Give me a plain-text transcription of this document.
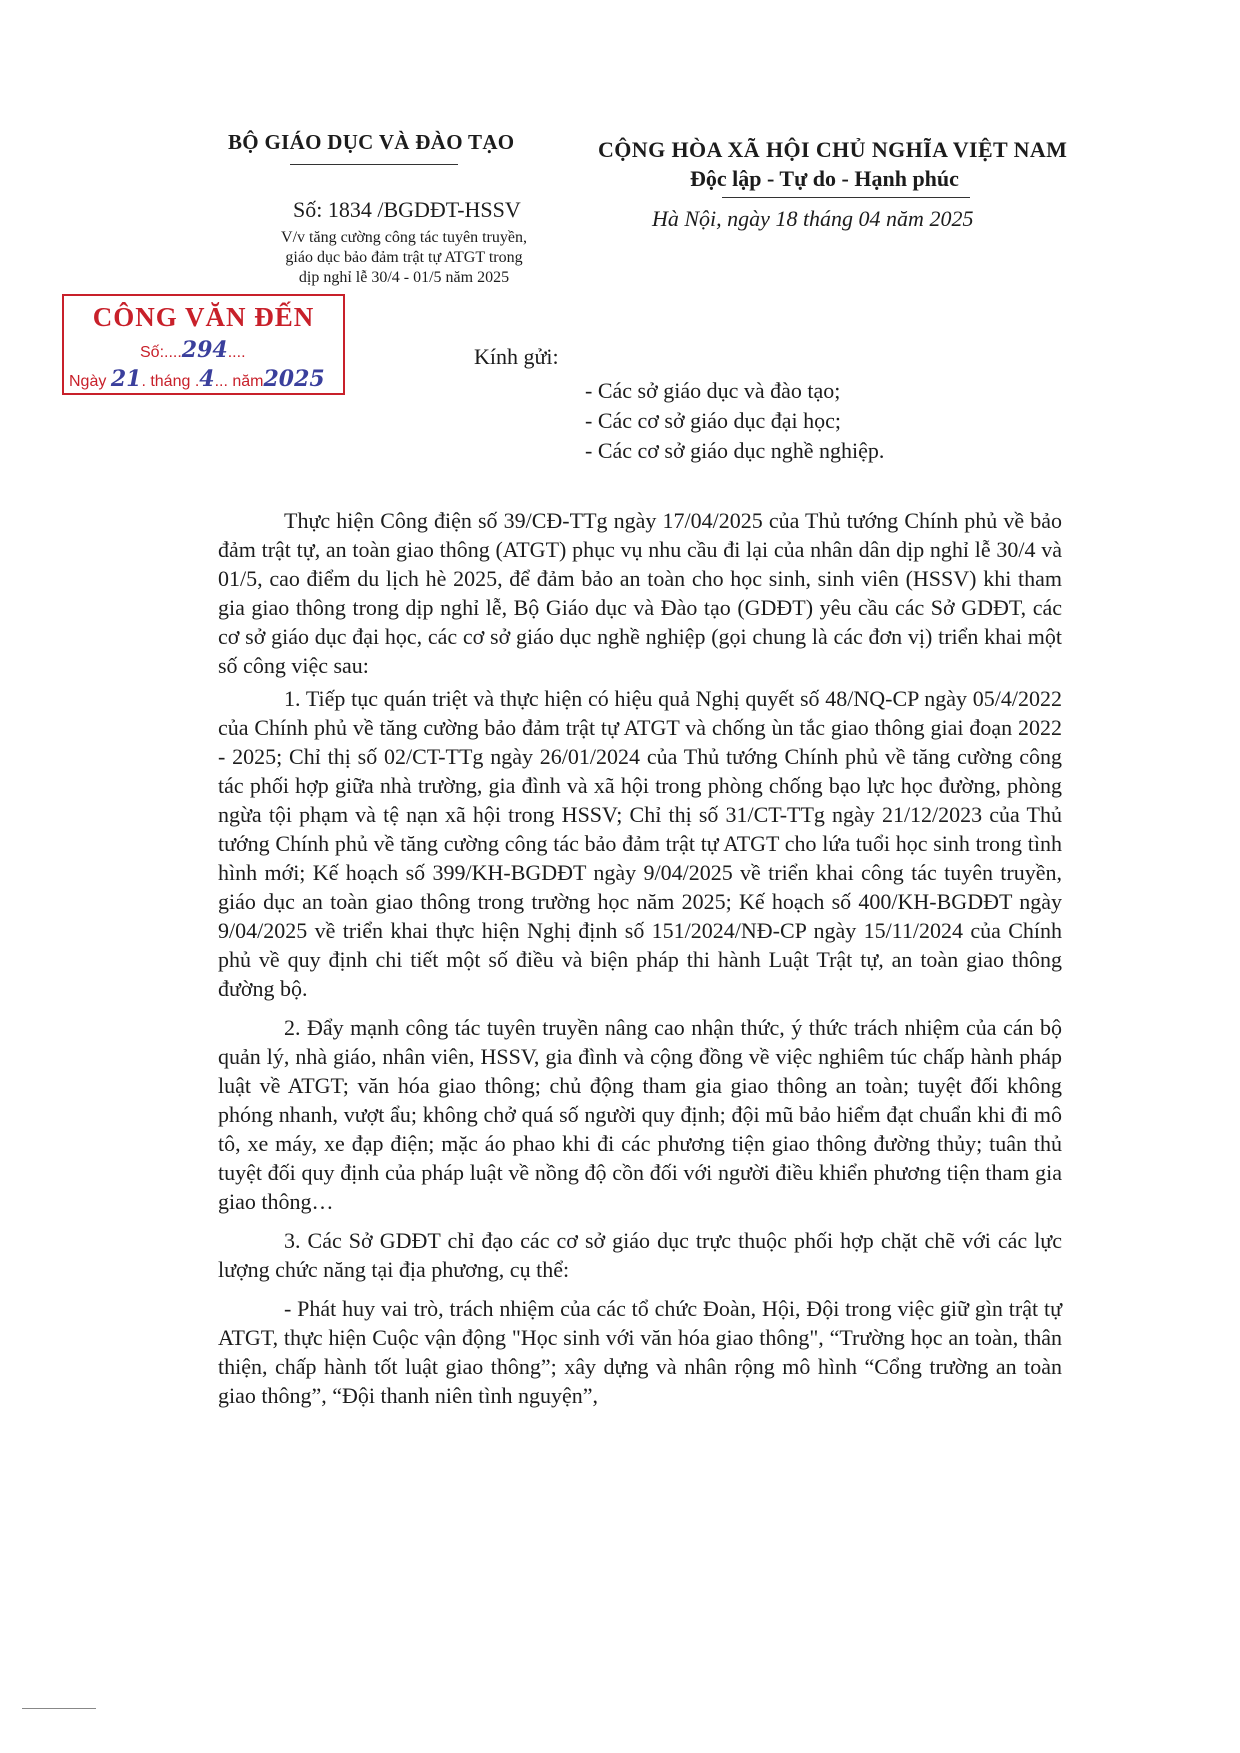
BỘ GIÁO DỤC VÀ ĐÀO TẠO	CỘNG HÒA XÃ HỘI CHỦ NGHĨA VIỆT NAM
Độc lập - Tự do - Hạnh phúc
Số: 1834 /BGDĐT-HSSV	Hà Nội, ngày 18 tháng 04 năm 2025
V/v tăng cường công tác tuyên truyền,
giáo dục bảo đảm trật tự ATGT trong
dịp nghỉ lễ 30/4 - 01/5 năm 2025
CÔNG VĂN ĐẾN
Số:....294....
Ngày 21. tháng .4... năm2025
Kính gửi:
- Các sở giáo dục và đào tạo;
- Các cơ sở giáo dục đại học;
- Các cơ sở giáo dục nghề nghiệp.

Thực hiện Công điện số 39/CĐ-TTg ngày 17/04/2025 của Thủ tướng Chính phủ về bảo đảm trật tự, an toàn giao thông (ATGT) phục vụ nhu cầu đi lại của nhân dân dịp nghỉ lễ 30/4 và 01/5, cao điểm du lịch hè 2025, để đảm bảo an toàn cho học sinh, sinh viên (HSSV) khi tham gia giao thông trong dịp nghỉ lễ, Bộ Giáo dục và Đào tạo (GDĐT) yêu cầu các Sở GDĐT, các cơ sở giáo dục đại học, các cơ sở giáo dục nghề nghiệp (gọi chung là các đơn vị) triển khai một số công việc sau:

1. Tiếp tục quán triệt và thực hiện có hiệu quả Nghị quyết số 48/NQ-CP ngày 05/4/2022 của Chính phủ về tăng cường bảo đảm trật tự ATGT và chống ùn tắc giao thông giai đoạn 2022 - 2025; Chỉ thị số 02/CT-TTg ngày 26/01/2024 của Thủ tướng Chính phủ về tăng cường công tác phối hợp giữa nhà trường, gia đình và xã hội trong phòng chống bạo lực học đường, phòng ngừa tội phạm và tệ nạn xã hội trong HSSV; Chỉ thị số 31/CT-TTg ngày 21/12/2023 của Thủ tướng Chính phủ về tăng cường công tác bảo đảm trật tự ATGT cho lứa tuổi học sinh trong tình hình mới; Kế hoạch số 399/KH-BGDĐT ngày 9/04/2025 về triển khai công tác tuyên truyền, giáo dục an toàn giao thông trong trường học năm 2025; Kế hoạch số 400/KH-BGDĐT ngày 9/04/2025 về triển khai thực hiện Nghị định số 151/2024/NĐ-CP ngày 15/11/2024 của Chính phủ về quy định chi tiết một số điều và biện pháp thi hành Luật Trật tự, an toàn giao thông đường bộ.

2. Đẩy mạnh công tác tuyên truyền nâng cao nhận thức, ý thức trách nhiệm của cán bộ quản lý, nhà giáo, nhân viên, HSSV, gia đình và cộng đồng về việc nghiêm túc chấp hành pháp luật về ATGT; văn hóa giao thông; chủ động tham gia giao thông an toàn; tuyệt đối không phóng nhanh, vượt ẩu; không chở quá số người quy định; đội mũ bảo hiểm đạt chuẩn khi đi mô tô, xe máy, xe đạp điện; mặc áo phao khi đi các phương tiện giao thông đường thủy; tuân thủ tuyệt đối quy định của pháp luật về nồng độ cồn đối với người điều khiển phương tiện tham gia giao thông…

3. Các Sở GDĐT chỉ đạo các cơ sở giáo dục trực thuộc phối hợp chặt chẽ với các lực lượng chức năng tại địa phương, cụ thể:

- Phát huy vai trò, trách nhiệm của các tổ chức Đoàn, Hội, Đội trong việc giữ gìn trật tự ATGT, thực hiện Cuộc vận động "Học sinh với văn hóa giao thông", “Trường học an toàn, thân thiện, chấp hành tốt luật giao thông”; xây dựng và nhân rộng mô hình “Cổng trường an toàn giao thông”, “Đội thanh niên tình nguyện”,
